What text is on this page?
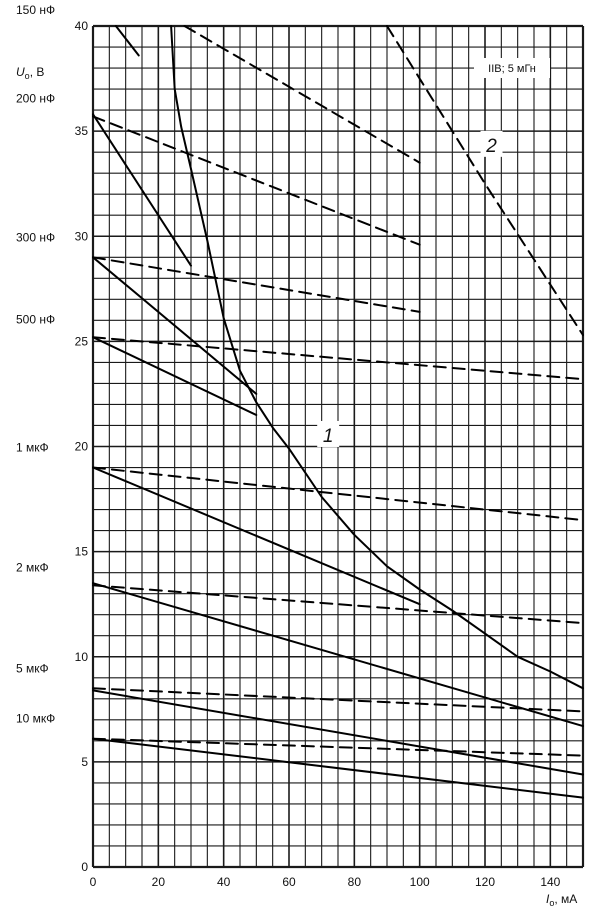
0	20	40	60	80	100	120	140
0
5
10
15
20
25
30
35
40
150 нФ
200 нФ
300 нФ
500 нФ
1 мкФ
2 мкФ
5 мкФ
10 мкФ
$U_o$, В
$I_o$, мА
IIB; 5 мГн
1
2
